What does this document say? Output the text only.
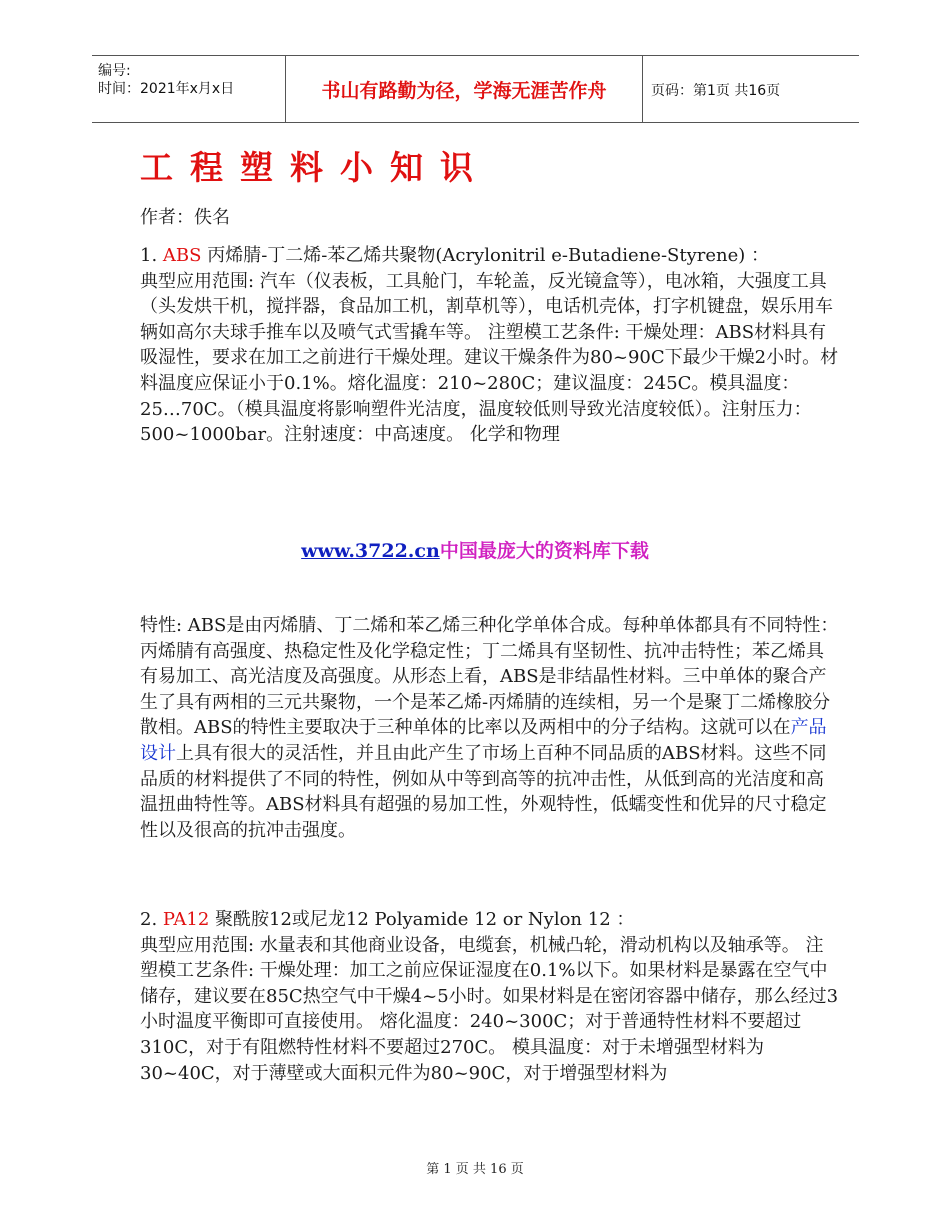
编号:
时间：2021年x月x日	书山有路勤为径，学海无涯苦作舟	页码：第1页 共16页
工程塑料小知识
作者：佚名
1. ABS 丙烯腈-丁二烯-苯乙烯共聚物(Acrylonitril e-Butadiene-Styrene) ：
典型应用范围: 汽车（仪表板，工具舱门，车轮盖，反光镜盒等），电冰箱，大强度工具（头发烘干机，搅拌器，食品加工机，割草机等），电话机壳体，打字机键盘，娱乐用车辆如高尔夫球手推车以及喷气式雪撬车等。 注塑模工艺条件: 干燥处理：ABS材料具有吸湿性，要求在加工之前进行干燥处理。建议干燥条件为80~90C下最少干燥2小时。材料温度应保证小于0.1%。熔化温度：210~280C；建议温度：245C。模具温度：25…70C。（模具温度将影响塑件光洁度，温度较低则导致光洁度较低）。注射压力：500~1000bar。注射速度：中高速度。 化学和物理
www.3722.cn中国最庞大的资料库下载
特性: ABS是由丙烯腈、丁二烯和苯乙烯三种化学单体合成。每种单体都具有不同特性：丙烯腈有高强度、热稳定性及化学稳定性；丁二烯具有坚韧性、抗冲击特性；苯乙烯具有易加工、高光洁度及高强度。从形态上看，ABS是非结晶性材料。三中单体的聚合产生了具有两相的三元共聚物，一个是苯乙烯-丙烯腈的连续相，另一个是聚丁二烯橡胶分散相。ABS的特性主要取决于三种单体的比率以及两相中的分子结构。这就可以在产品设计上具有很大的灵活性，并且由此产生了市场上百种不同品质的ABS材料。这些不同品质的材料提供了不同的特性，例如从中等到高等的抗冲击性，从低到高的光洁度和高温扭曲特性等。ABS材料具有超强的易加工性，外观特性，低蠕变性和优异的尺寸稳定性以及很高的抗冲击强度。
2. PA12 聚酰胺12或尼龙12 Polyamide 12 or Nylon 12 ：
典型应用范围: 水量表和其他商业设备，电缆套，机械凸轮，滑动机构以及轴承等。 注塑模工艺条件: 干燥处理：加工之前应保证湿度在0.1%以下。如果材料是暴露在空气中储存，建议要在85C热空气中干燥4~5小时。如果材料是在密闭容器中储存，那么经过3小时温度平衡即可直接使用。 熔化温度：240~300C；对于普通特性材料不要超过310C，对于有阻燃特性材料不要超过270C。 模具温度：对于未增强型材料为30~40C，对于薄壁或大面积元件为80~90C，对于增强型材料为
第 1 页 共 16 页
